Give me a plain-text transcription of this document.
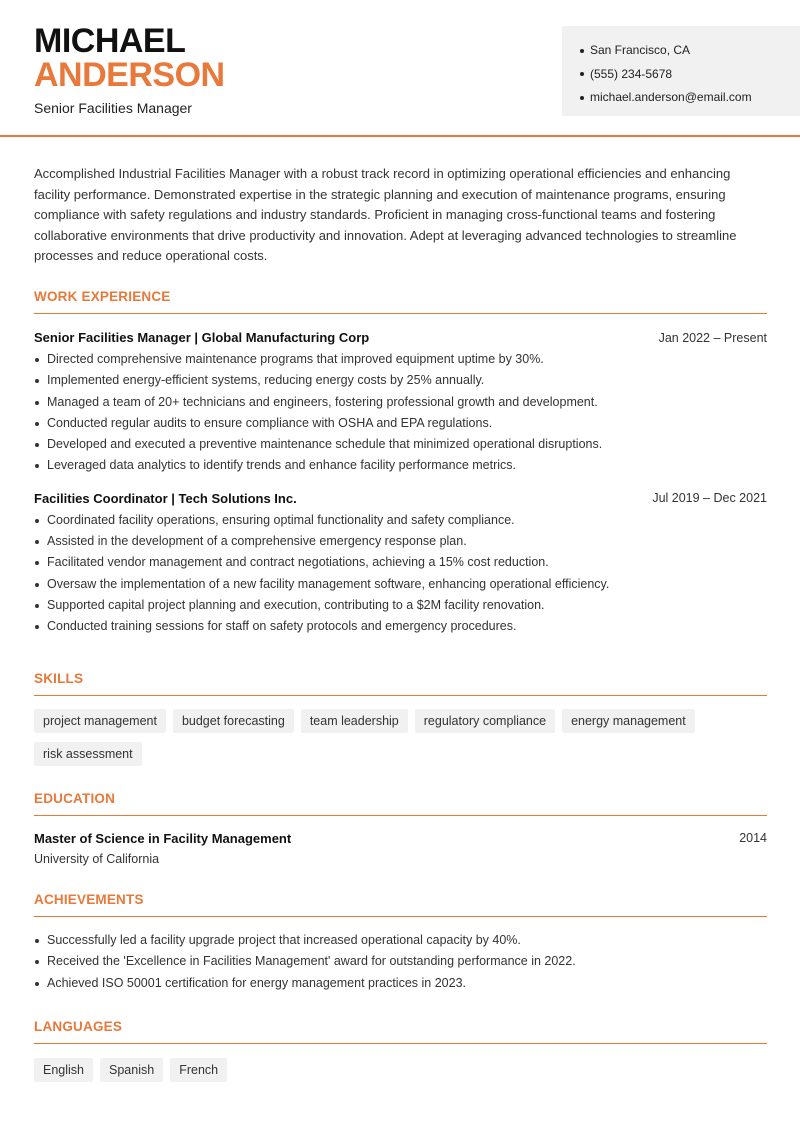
MICHAEL
ANDERSON
Senior Facilities Manager
San Francisco, CA
(555) 234-5678
michael.anderson@email.com
Accomplished Industrial Facilities Manager with a robust track record in optimizing operational efficiencies and enhancing facility performance. Demonstrated expertise in the strategic planning and execution of maintenance programs, ensuring compliance with safety regulations and industry standards. Proficient in managing cross-functional teams and fostering collaborative environments that drive productivity and innovation. Adept at leveraging advanced technologies to streamline processes and reduce operational costs.
WORK EXPERIENCE
Senior Facilities Manager | Global Manufacturing Corp	Jan 2022 – Present
Directed comprehensive maintenance programs that improved equipment uptime by 30%.
Implemented energy-efficient systems, reducing energy costs by 25% annually.
Managed a team of 20+ technicians and engineers, fostering professional growth and development.
Conducted regular audits to ensure compliance with OSHA and EPA regulations.
Developed and executed a preventive maintenance schedule that minimized operational disruptions.
Leveraged data analytics to identify trends and enhance facility performance metrics.
Facilities Coordinator | Tech Solutions Inc.	Jul 2019 – Dec 2021
Coordinated facility operations, ensuring optimal functionality and safety compliance.
Assisted in the development of a comprehensive emergency response plan.
Facilitated vendor management and contract negotiations, achieving a 15% cost reduction.
Oversaw the implementation of a new facility management software, enhancing operational efficiency.
Supported capital project planning and execution, contributing to a $2M facility renovation.
Conducted training sessions for staff on safety protocols and emergency procedures.
SKILLS
project management	budget forecasting	team leadership	regulatory compliance	energy management
risk assessment
EDUCATION
Master of Science in Facility Management	2014
University of California
ACHIEVEMENTS
Successfully led a facility upgrade project that increased operational capacity by 40%.
Received the 'Excellence in Facilities Management' award for outstanding performance in 2022.
Achieved ISO 50001 certification for energy management practices in 2023.
LANGUAGES
English	Spanish	French
